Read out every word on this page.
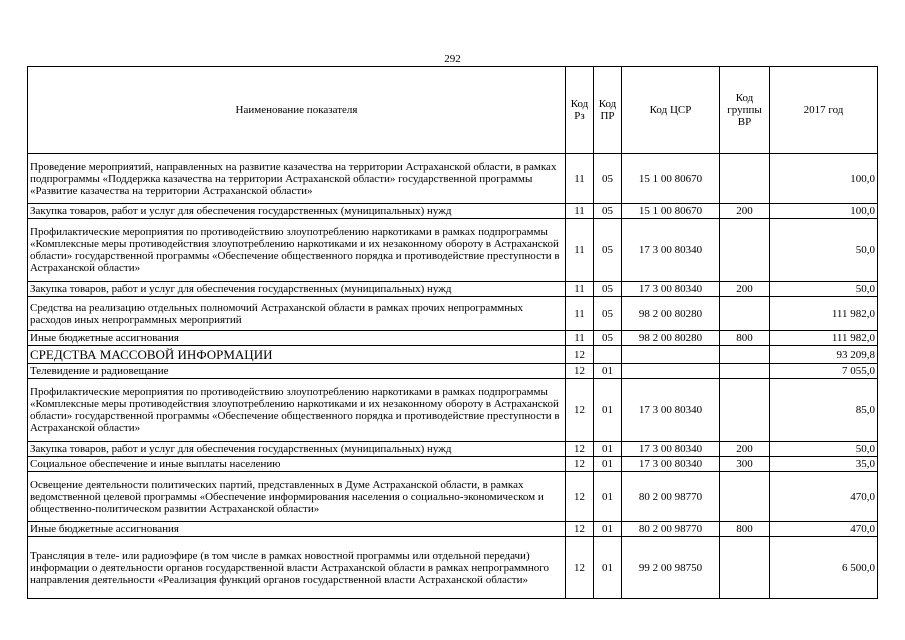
292
Наименование показателя	Код Рз	Код ПР	Код ЦСР	Код группы ВР	2017 год
Проведение мероприятий, направленных на развитие казачества на территории Астраханской области, в рамках подпрограммы «Поддержка казачества на территории Астраханской области» государственной программы «Развитие казачества на территории Астраханской области»	11	05	15 1 00 80670		100,0
Закупка товаров, работ и услуг для обеспечения государственных (муниципальных) нужд	11	05	15 1 00 80670	200	100,0
Профилактические мероприятия по противодействию злоупотреблению наркотиками в рамках подпрограммы «Комплексные меры противодействия злоупотреблению наркотиками и их незаконному обороту в Астраханской области» государственной программы «Обеспечение общественного порядка и противодействие преступности в Астраханской области»	11	05	17 3 00 80340		50,0
Закупка товаров, работ и услуг для обеспечения государственных (муниципальных) нужд	11	05	17 3 00 80340	200	50,0
Средства на реализацию отдельных полномочий Астраханской области в рамках прочих непрограммных расходов иных непрограммных мероприятий	11	05	98 2 00 80280		111 982,0
Иные бюджетные ассигнования	11	05	98 2 00 80280	800	111 982,0
СРЕДСТВА МАССОВОЙ ИНФОРМАЦИИ	12				93 209,8
Телевидение и радиовещание	12	01			7 055,0
Профилактические мероприятия по противодействию злоупотреблению наркотиками в рамках подпрограммы «Комплексные меры противодействия злоупотреблению наркотиками и их незаконному обороту в Астраханской области» государственной программы «Обеспечение общественного порядка и противодействие преступности в Астраханской области»	12	01	17 3 00 80340		85,0
Закупка товаров, работ и услуг для обеспечения государственных (муниципальных) нужд	12	01	17 3 00 80340	200	50,0
Социальное обеспечение и иные выплаты населению	12	01	17 3 00 80340	300	35,0
Освещение деятельности политических партий, представленных в Думе Астраханской области, в рамках ведомственной целевой программы «Обеспечение информирования населения о социально-экономическом и общественно-политическом развитии Астраханской области»	12	01	80 2 00 98770		470,0
Иные бюджетные ассигнования	12	01	80 2 00 98770	800	470,0
Трансляция в теле- или радиоэфире (в том числе в рамках новостной программы или отдельной передачи) информации о деятельности органов государственной власти Астраханской области в рамках непрограммного направления деятельности «Реализация функций органов государственной власти Астраханской области»	12	01	99 2 00 98750		6 500,0
